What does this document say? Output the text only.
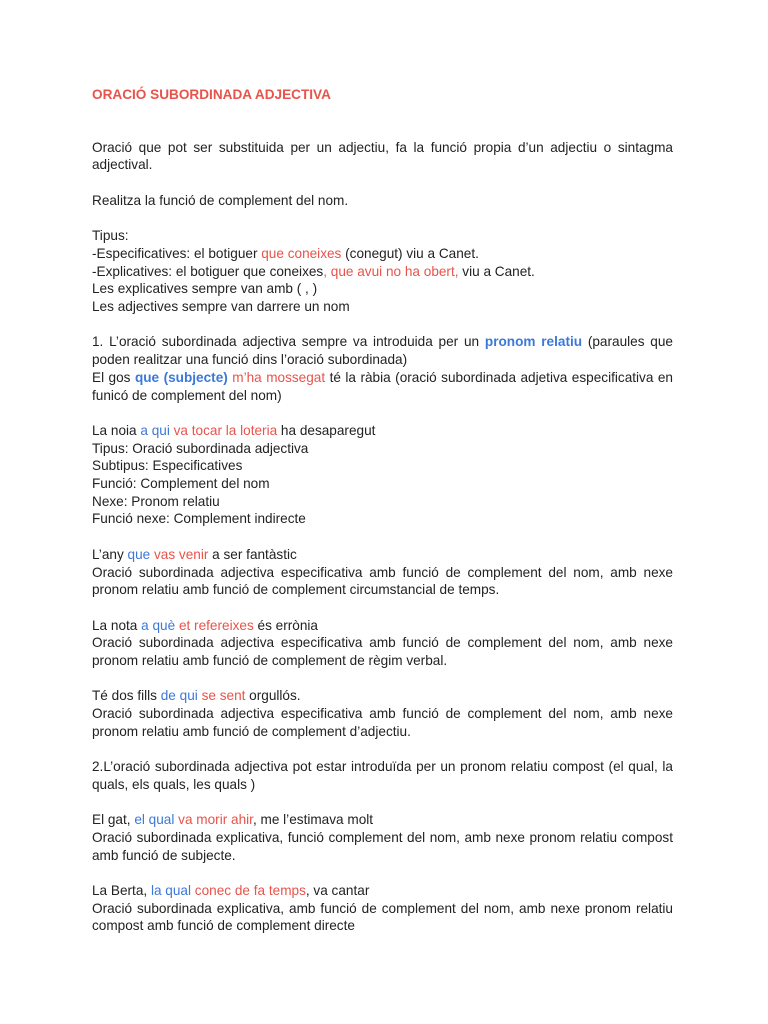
ORACIÓ SUBORDINADA ADJECTIVA

Oració que pot ser substituida per un adjectiu, fa la funció propia d’un adjectiu o sintagma adjectival.

Realitza la funció de complement del nom.

Tipus:

-Especificatives: el botiguer que coneixes (conegut) viu a Canet.

-Explicatives: el botiguer que coneixes, que avui no ha obert, viu a Canet.

Les explicatives sempre van amb ( , )

Les adjectives sempre van darrere un nom

1. L’oració subordinada adjectiva sempre va introduida per un pronom relatiu (paraules que poden realitzar una funció dins l’oració subordinada)

El gos que (subjecte) m’ha mossegat té la ràbia (oració subordinada adjetiva especificativa en funicó de complement del nom)

La noia a qui va tocar la loteria ha desaparegut

Tipus: Oració subordinada adjectiva

Subtipus: Especificatives

Funció: Complement del nom

Nexe: Pronom relatiu

Funció nexe: Complement indirecte

L’any que vas venir a ser fantàstic

Oració subordinada adjectiva especificativa amb funció de complement del nom, amb nexe pronom relatiu amb funció de complement circumstancial de temps.

La nota a què et refereixes és errònia

Oració subordinada adjectiva especificativa amb funció de complement del nom, amb nexe pronom relatiu amb funció de complement de règim verbal.

Té dos fills de qui se sent orgullós.

Oració subordinada adjectiva especificativa amb funció de complement del nom, amb nexe pronom relatiu amb funció de complement d’adjectiu.

2.L’oració subordinada adjectiva pot estar introduïda per un pronom relatiu compost (el qual, la quals, els quals, les quals )

El gat, el qual va morir ahir, me l’estimava molt

Oració subordinada explicativa, funció complement del nom, amb nexe pronom relatiu compost amb funció de subjecte.

La Berta, la qual conec de fa temps, va cantar

Oració subordinada explicativa, amb funció de complement del nom, amb nexe pronom relatiu compost amb funció de complement directe
